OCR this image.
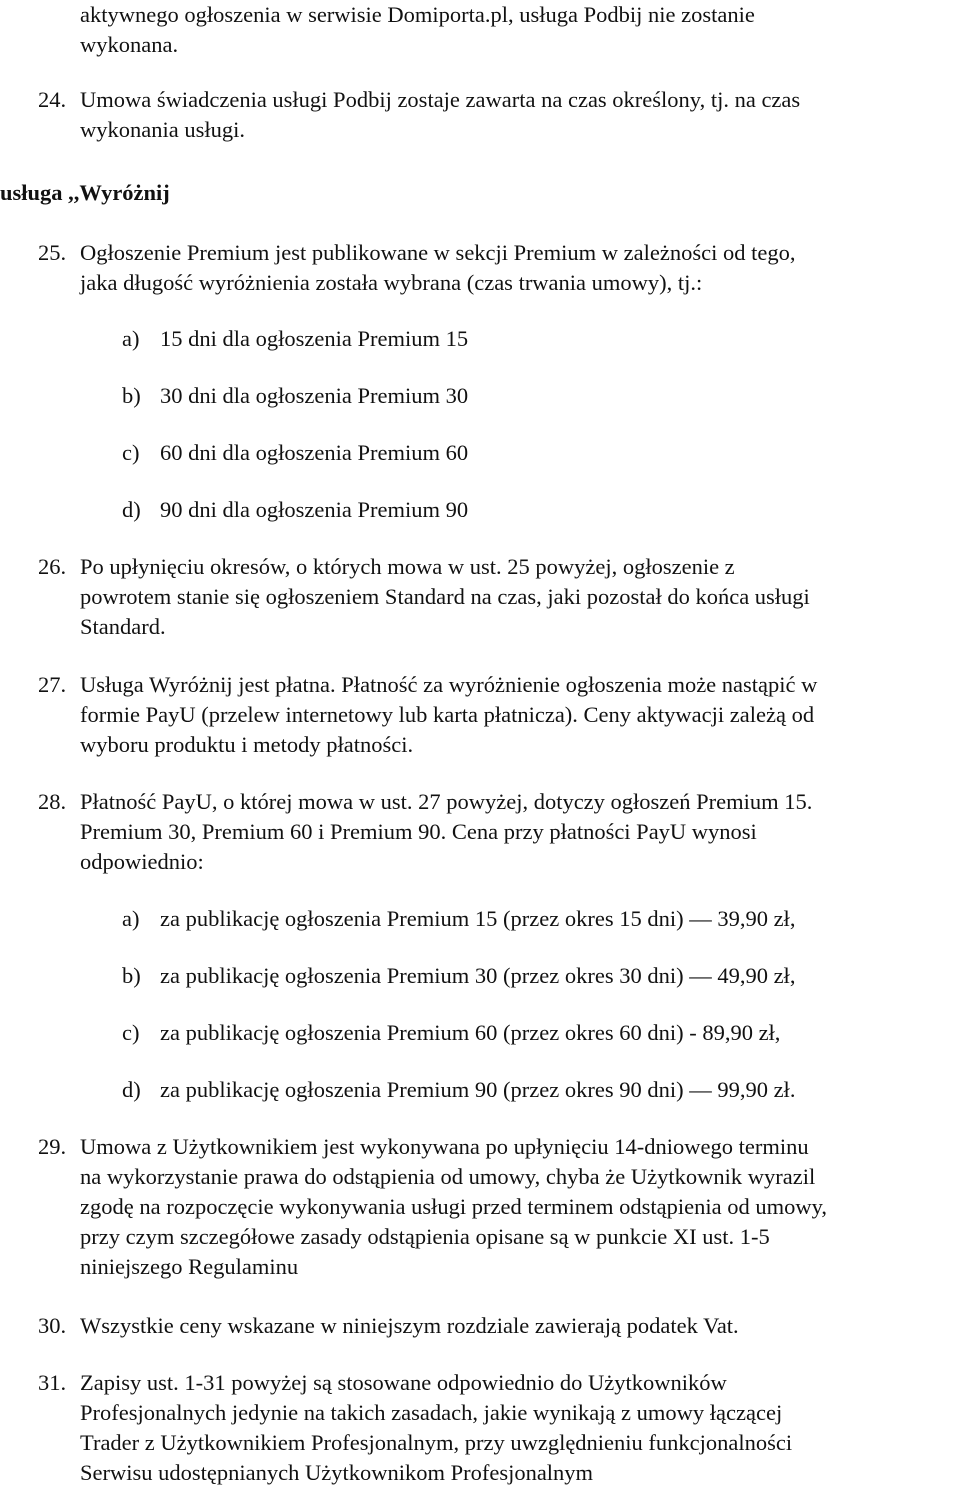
aktywnego ogłoszenia w serwisie Domiporta.pl, usługa Podbij nie zostanie
wykonana.
24. Umowa świadczenia usługi Podbij zostaje zawarta na czas określony, tj. na czas
wykonania usługi.
usługa ,,Wyróżnij
25. Ogłoszenie Premium jest publikowane w sekcji Premium w zależności od tego,
jaka długość wyróżnienia została wybrana (czas trwania umowy), tj.:
a) 15 dni dla ogłoszenia Premium 15
b) 30 dni dla ogłoszenia Premium 30
c) 60 dni dla ogłoszenia Premium 60
d) 90 dni dla ogłoszenia Premium 90
26. Po upłynięciu okresów, o których mowa w ust. 25 powyżej, ogłoszenie z
powrotem stanie się ogłoszeniem Standard na czas, jaki pozostał do końca usługi
Standard.
27. Usługa Wyróżnij jest płatna. Płatność za wyróżnienie ogłoszenia może nastąpić w
formie PayU (przelew internetowy lub karta płatnicza). Ceny aktywacji zależą od
wyboru produktu i metody płatności.
28. Płatność PayU, o której mowa w ust. 27 powyżej, dotyczy ogłoszeń Premium 15.
Premium 30, Premium 60 i Premium 90. Cena przy płatności PayU wynosi
odpowiednio:
a) za publikację ogłoszenia Premium 15 (przez okres 15 dni) — 39,90 zł,
b) za publikację ogłoszenia Premium 30 (przez okres 30 dni) — 49,90 zł,
c) za publikację ogłoszenia Premium 60 (przez okres 60 dni) - 89,90 zł,
d) za publikację ogłoszenia Premium 90 (przez okres 90 dni) — 99,90 zł.
29. Umowa z Użytkownikiem jest wykonywana po upłynięciu 14-dniowego terminu
na wykorzystanie prawa do odstąpienia od umowy, chyba że Użytkownik wyrazil
zgodę na rozpoczęcie wykonywania usługi przed terminem odstąpienia od umowy,
przy czym szczegółowe zasady odstąpienia opisane są w punkcie XI ust. 1-5
niniejszego Regulaminu
30. Wszystkie ceny wskazane w niniejszym rozdziale zawierają podatek Vat.
31. Zapisy ust. 1-31 powyżej są stosowane odpowiednio do Użytkowników
Profesjonalnych jedynie na takich zasadach, jakie wynikają z umowy łączącej
Trader z Użytkownikiem Profesjonalnym, przy uwzględnieniu funkcjonalności
Serwisu udostępnianych Użytkownikom Profesjonalnym
